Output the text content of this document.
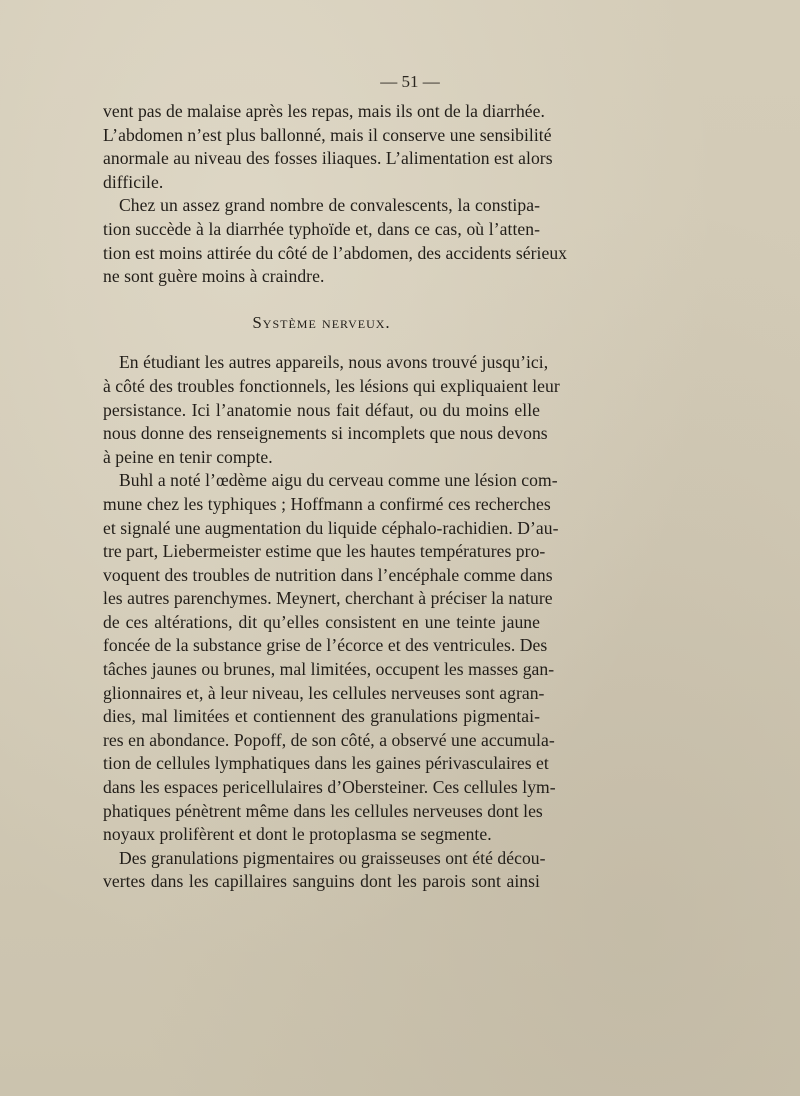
— 51 —
vent pas de malaise après les repas, mais ils ont de la diarrhée.
L’abdomen n’est plus ballonné, mais il conserve une sensibilité
anormale au niveau des fosses iliaques. L’alimentation est alors
difficile.
Chez un assez grand nombre de convalescents, la constipa-
tion succède à la diarrhée typhoïde et, dans ce cas, où l’atten-
tion est moins attirée du côté de l’abdomen, des accidents sérieux
ne sont guère moins à craindre.
Système nerveux.
En étudiant les autres appareils, nous avons trouvé jusqu’ici,
à côté des troubles fonctionnels, les lésions qui expliquaient leur
persistance. Ici l’anatomie nous fait défaut, ou du moins elle
nous donne des renseignements si incomplets que nous devons
à peine en tenir compte.
Buhl a noté l’œdème aigu du cerveau comme une lésion com-
mune chez les typhiques ; Hoffmann a confirmé ces recherches
et signalé une augmentation du liquide céphalo-rachidien. D’au-
tre part, Liebermeister estime que les hautes températures pro-
voquent des troubles de nutrition dans l’encéphale comme dans
les autres parenchymes. Meynert, cherchant à préciser la nature
de ces altérations, dit qu’elles consistent en une teinte jaune
foncée de la substance grise de l’écorce et des ventricules. Des
tâches jaunes ou brunes, mal limitées, occupent les masses gan-
glionnaires et, à leur niveau, les cellules nerveuses sont agran-
dies, mal limitées et contiennent des granulations pigmentai-
res en abondance. Popoff, de son côté, a observé une accumula-
tion de cellules lymphatiques dans les gaines périvasculaires et
dans les espaces pericellulaires d’Obersteiner. Ces cellules lym-
phatiques pénètrent même dans les cellules nerveuses dont les
noyaux prolifèrent et dont le protoplasma se segmente.
Des granulations pigmentaires ou graisseuses ont été décou-
vertes dans les capillaires sanguins dont les parois sont ainsi
